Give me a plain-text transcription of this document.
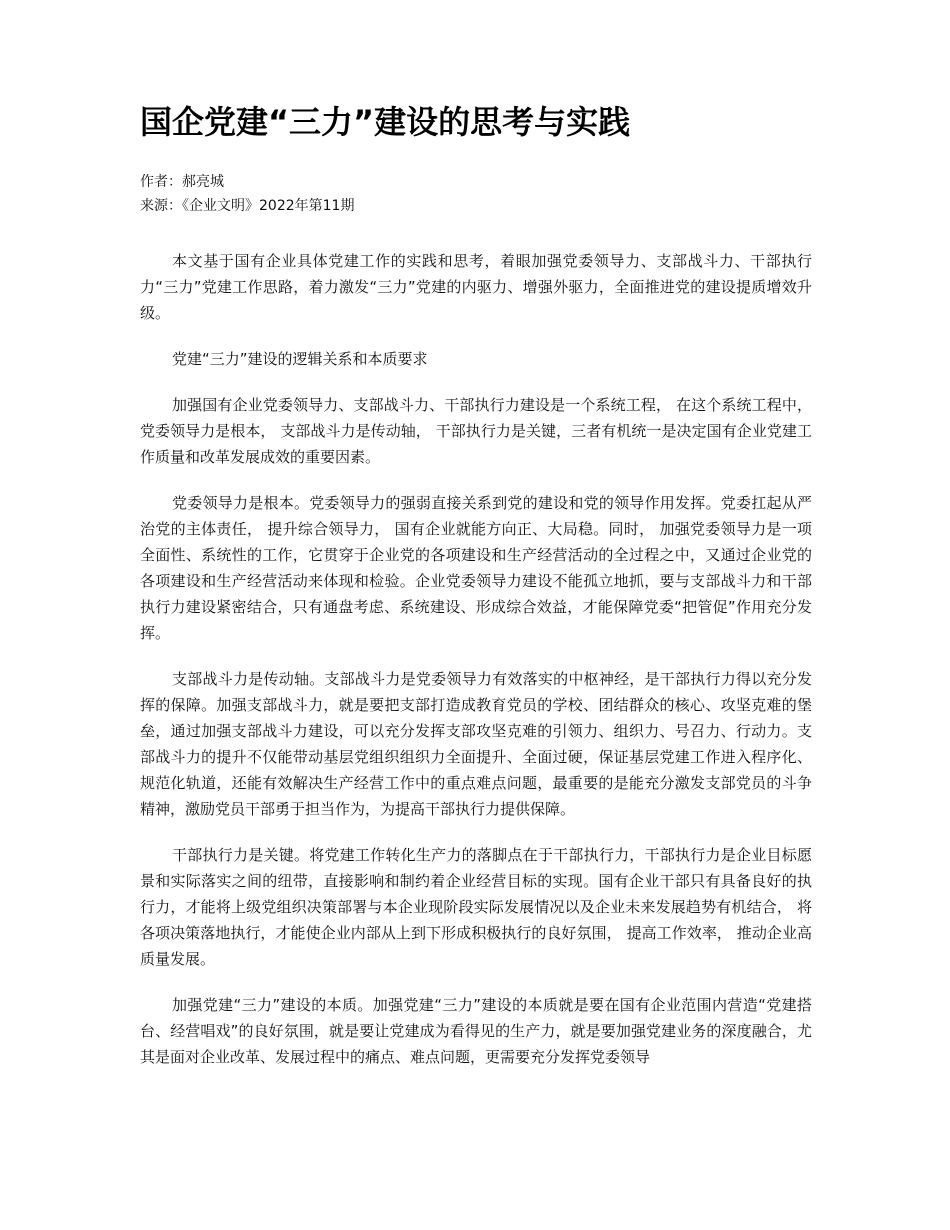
国企党建“三力”建设的思考与实践
作者：郝亮城
来源：《企业文明》2022年第11期

本文基于国有企业具体党建工作的实践和思考，着眼加强党委领导力、支部战斗力、干部执行力“三力”党建工作思路，着力激发“三力”党建的内驱力、增强外驱力，全面推进党的建设提质增效升级。

党建“三力”建设的逻辑关系和本质要求

加强国有企业党委领导力、支部战斗力、干部执行力建设是一个系统工程， 在这个系统工程中， 党委领导力是根本， 支部战斗力是传动轴， 干部执行力是关键，三者有机统一是决定国有企业党建工作质量和改革发展成效的重要因素。

党委领导力是根本。党委领导力的强弱直接关系到党的建设和党的领导作用发挥。党委扛起从严治党的主体责任， 提升综合领导力， 国有企业就能方向正、大局稳。同时， 加强党委领导力是一项全面性、系统性的工作，它贯穿于企业党的各项建设和生产经营活动的全过程之中，又通过企业党的各项建设和生产经营活动来体现和检验。企业党委领导力建设不能孤立地抓，要与支部战斗力和干部执行力建设紧密结合，只有通盘考虑、系统建设、形成综合效益，才能保障党委“把管促”作用充分发挥。

支部战斗力是传动轴。支部战斗力是党委领导力有效落实的中枢神经，是干部执行力得以充分发挥的保障。加强支部战斗力，就是要把支部打造成教育党员的学校、团结群众的核心、攻坚克难的堡垒，通过加强支部战斗力建设，可以充分发挥支部攻坚克难的引领力、组织力、号召力、行动力。支部战斗力的提升不仅能带动基层党组织组织力全面提升、全面过硬，保证基层党建工作进入程序化、规范化轨道，还能有效解决生产经营工作中的重点难点问题，最重要的是能充分激发支部党员的斗争精神，激励党员干部勇于担当作为，为提高干部执行力提供保障。

干部执行力是关键。将党建工作转化生产力的落脚点在于干部执行力，干部执行力是企业目标愿景和实际落实之间的纽带，直接影响和制约着企业经营目标的实现。国有企业干部只有具备良好的执行力，才能将上级党组织决策部署与本企业现阶段实际发展情况以及企业未来发展趋势有机结合， 将各项决策落地执行，才能使企业内部从上到下形成积极执行的良好氛围， 提高工作效率， 推动企业高质量发展。

加强党建“三力”建设的本质。加强党建“三力”建设的本质就是要在国有企业范围内营造“党建搭台、经营唱戏”的良好氛围，就是要让党建成为看得见的生产力，就是要加强党建业务的深度融合，尤其是面对企业改革、发展过程中的痛点、难点问题，更需要充分发挥党委领导
